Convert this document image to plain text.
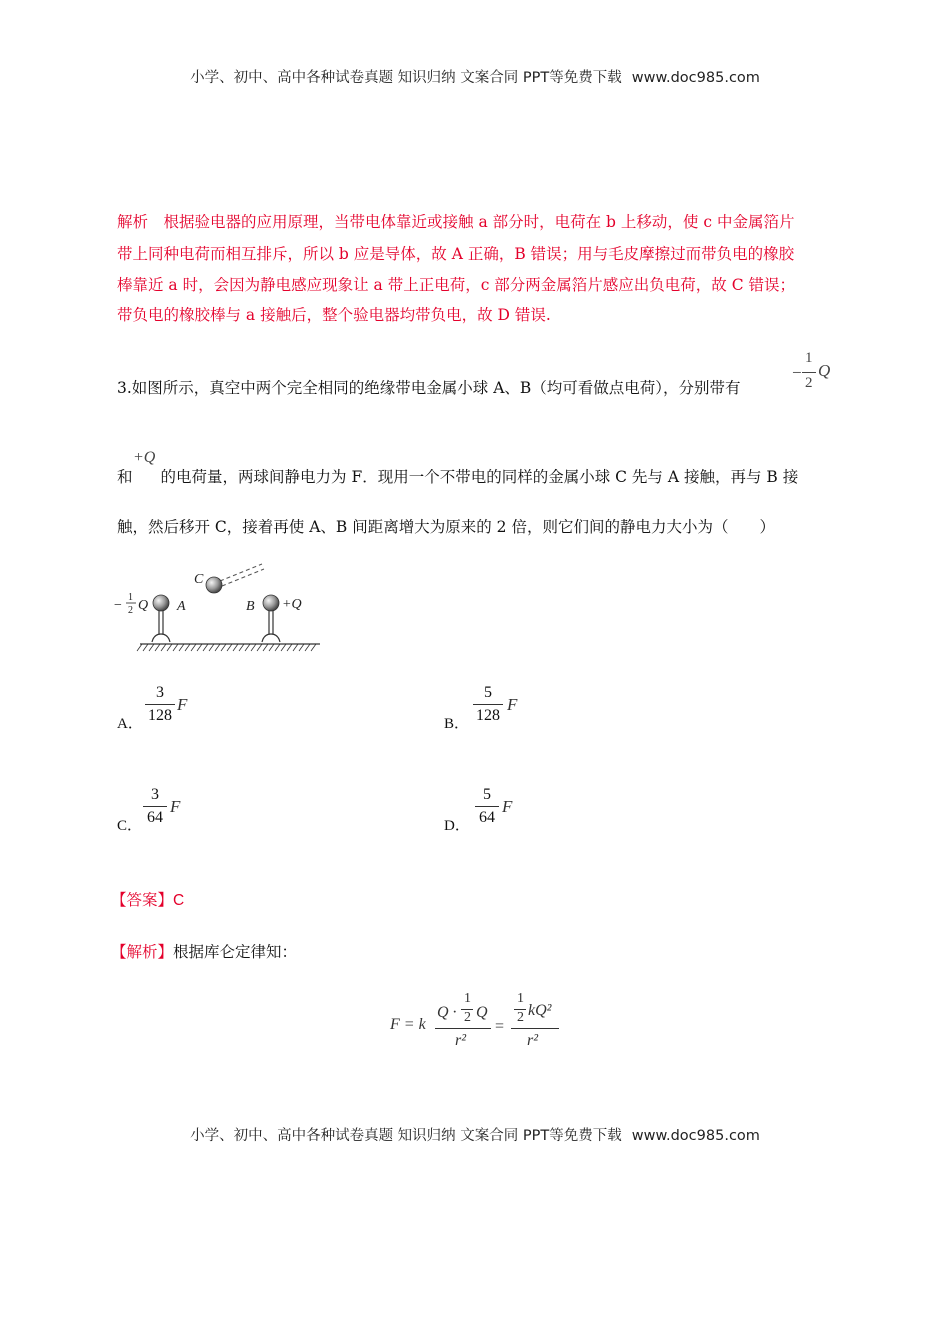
小学、初中、高中各种试卷真题 知识归纳 文案合同 PPT等免费下载 www.doc985.com
解析　 根据验电器的应用原理，当带电体靠近或接触 a 部分时，电荷在 b 上移动，使 c 中金属箔片
带上同种电荷而相互排斥，所以 b 应是导体，故 A 正确，B 错误；用与毛皮摩擦过而带负电的橡胶
棒靠近 a 时，会因为静电感应现象让 a 带上正电荷，c 部分两金属箔片感应出负电荷，故 C 错误；
带负电的橡胶棒与 a 接触后，整个验电器均带负电，故 D 错误.
3.如图所示，真空中两个完全相同的绝缘带电金属小球 A、B（均可看做点电荷），分别带有
−
1
2
Q
+Q
和 的电荷量，两球间静电力为 F．现用一个不带电的同样的金属小球 C 先与 A 接触，再与 B 接
触，然后移开 C，接着再使 A、B 间距离增大为原来的 2 倍，则它们间的静电力大小为（　　）
C
A
−
1
2 Q	B +Q
A．
3
128
F
B．
5
128
F
C．
3
64
F
D．
5
64
F
【答案】C
【解析】根据库仑定律知：
F = k
Q ·
1
2 Q
r²
=
1
2 kQ²
r²
小学、初中、高中各种试卷真题 知识归纳 文案合同 PPT等免费下载 www.doc985.com
